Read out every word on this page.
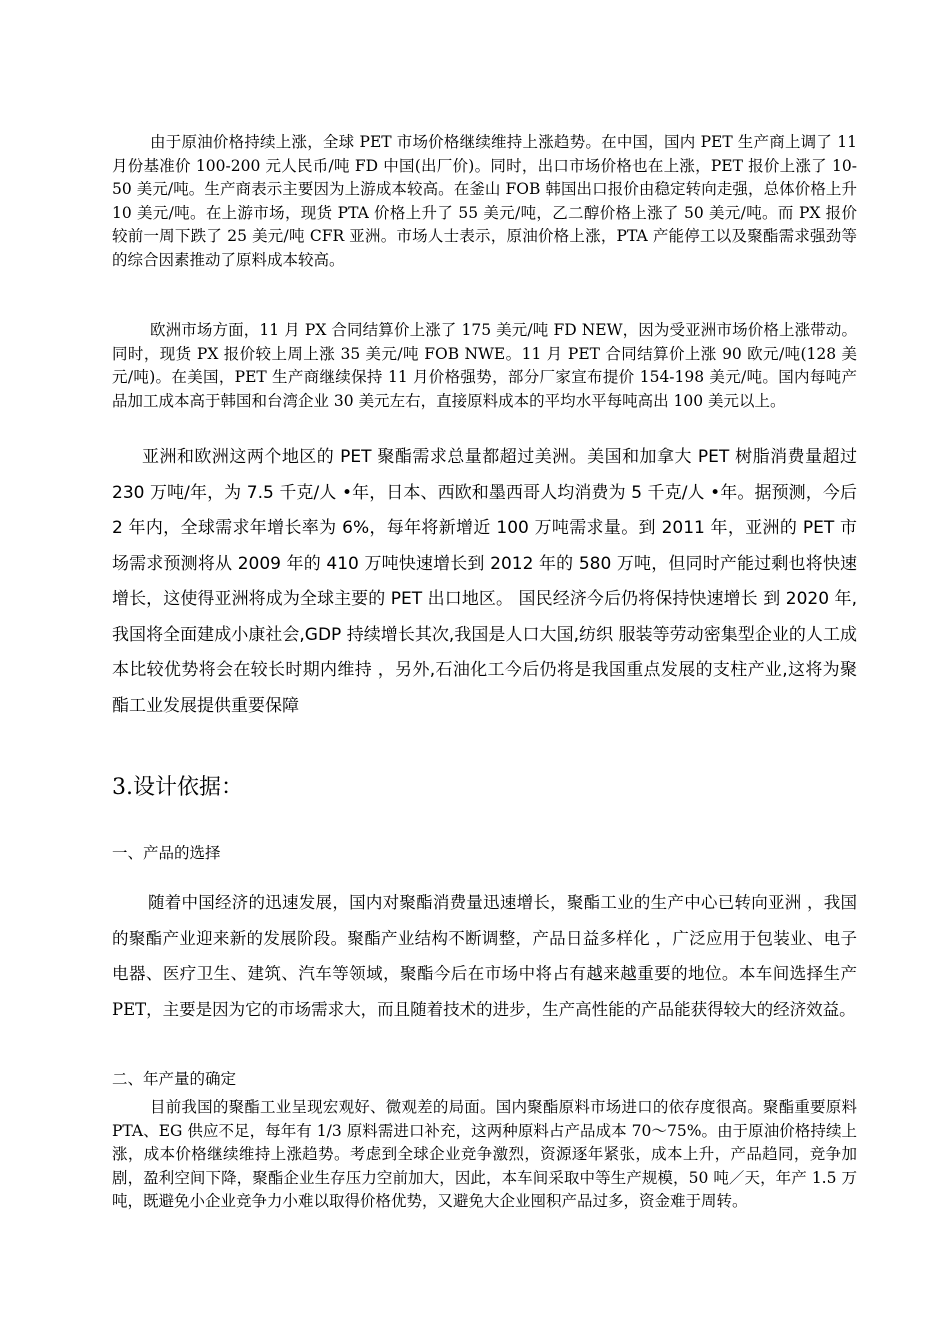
由于原油价格持续上涨，全球 PET 市场价格继续维持上涨趋势。在中国，国内 PET 生产商上调了 11 月份基准价 100-200 元人民币/吨 FD 中国(出厂价)。同时，出口市场价格也在上涨，PET 报价上涨了 10-50 美元/吨。生产商表示主要因为上游成本较高。在釜山 FOB 韩国出口报价由稳定转向走强，总体价格上升 10 美元/吨。在上游市场，现货 PTA 价格上升了 55 美元/吨，乙二醇价格上涨了 50 美元/吨。而 PX 报价较前一周下跌了 25 美元/吨 CFR 亚洲。市场人士表示，原油价格上涨，PTA 产能停工以及聚酯需求强劲等的综合因素推动了原料成本较高。
欧洲市场方面，11 月 PX 合同结算价上涨了 175 美元/吨 FD NEW，因为受亚洲市场价格上涨带动。同时，现货 PX 报价较上周上涨 35 美元/吨 FOB NWE。11 月 PET 合同结算价上涨 90 欧元/吨(128 美元/吨)。在美国，PET 生产商继续保持 11 月价格强势，部分厂家宣布提价 154-198 美元/吨。国内每吨产品加工成本高于韩国和台湾企业 30 美元左右，直接原料成本的平均水平每吨高出 100 美元以上。
亚洲和欧洲这两个地区的 PET 聚酯需求总量都超过美洲。美国和加拿大 PET 树脂消费量超过 230 万吨/年，为 7.5 千克/人 •年，日本、西欧和墨西哥人均消费为 5 千克/人 •年。据预测，今后 2 年内，全球需求年增长率为 6%，每年将新增近 100 万吨需求量。到 2011 年，亚洲的 PET 市场需求预测将从 2009 年的 410 万吨快速增长到 2012 年的 580 万吨，但同时产能过剩也将快速增长，这使得亚洲将成为全球主要的 PET 出口地区。 国民经济今后仍将保持快速增长 到 2020 年,我国将全面建成小康社会,GDP 持续增长其次,我国是人口大国,纺织 服装等劳动密集型企业的人工成本比较优势将会在较长时期内维持 ，另外,石油化工今后仍将是我国重点发展的支柱产业,这将为聚酯工业发展提供重要保障
3.设计依据：
一、产品的选择
随着中国经济的迅速发展，国内对聚酯消费量迅速增长，聚酯工业的生产中心已转向亚洲 ，我国的聚酯产业迎来新的发展阶段。聚酯产业结构不断调整，产品日益多样化 ，广泛应用于包装业、电子电器、医疗卫生、建筑、汽车等领域，聚酯今后在市场中将占有越来越重要的地位。本车间选择生产 PET，主要是因为它的市场需求大，而且随着技术的进步，生产高性能的产品能获得较大的经济效益。
二、年产量的确定
目前我国的聚酯工业呈现宏观好、微观差的局面。国内聚酯原料市场进口的依存度很高。聚酯重要原料 PTA、EG 供应不足，每年有 1/3 原料需进口补充，这两种原料占产品成本 70～75%。由于原油价格持续上涨，成本价格继续维持上涨趋势。考虑到全球企业竞争激烈，资源逐年紧张，成本上升，产品趋同，竞争加剧，盈利空间下降，聚酯企业生存压力空前加大，因此，本车间采取中等生产规模，50 吨／天，年产 1.5 万吨，既避免小企业竞争力小难以取得价格优势，又避免大企业囤积产品过多，资金难于周转。
